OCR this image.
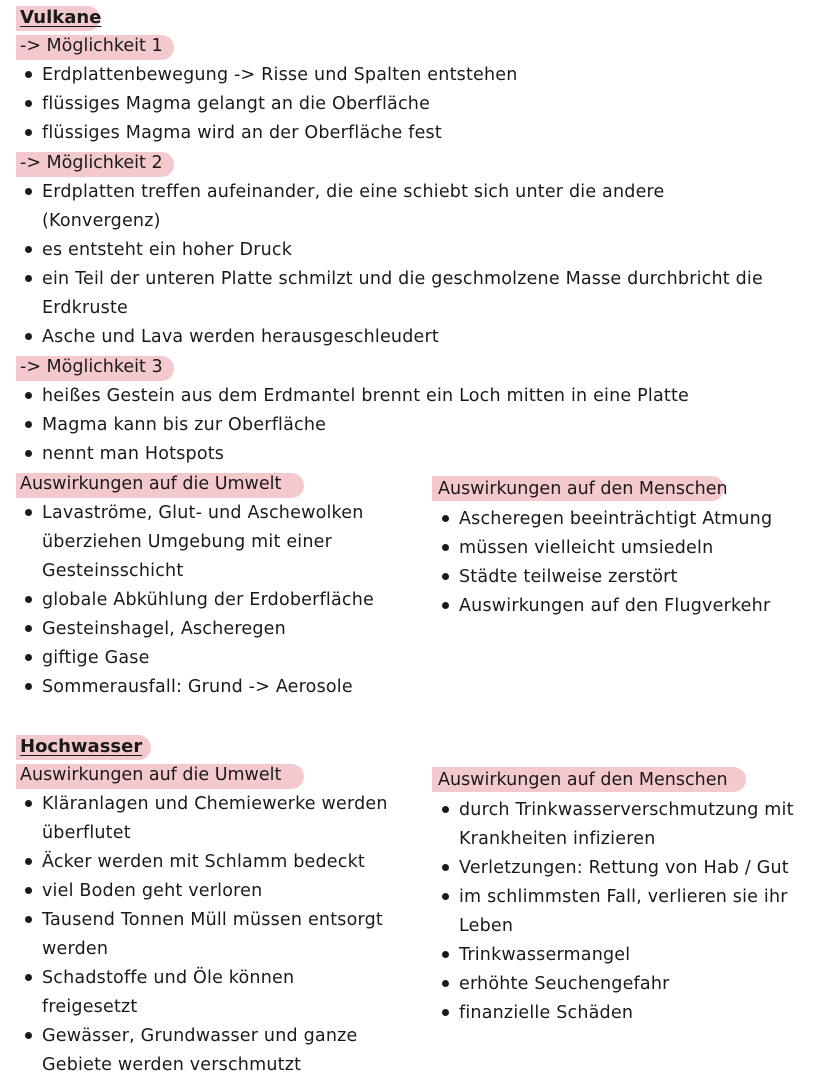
Vulkane
-> Möglichkeit 1
Erdplattenbewegung -> Risse und Spalten entstehen
flüssiges Magma gelangt an die Oberfläche
flüssiges Magma wird an der Oberfläche fest
-> Möglichkeit 2
Erdplatten treffen aufeinander, die eine schiebt sich unter die andere
(Konvergenz)
es entsteht ein hoher Druck
ein Teil der unteren Platte schmilzt und die geschmolzene Masse durchbricht die
Erdkruste
Asche und Lava werden herausgeschleudert
-> Möglichkeit 3
heißes Gestein aus dem Erdmantel brennt ein Loch mitten in eine Platte
Magma kann bis zur Oberfläche
nennt man Hotspots
Auswirkungen auf die Umwelt
Lavaströme, Glut- und Aschewolken
überziehen Umgebung mit einer
Gesteinsschicht
globale Abkühlung der Erdoberfläche
Gesteinshagel, Ascheregen
giftige Gase
Sommerausfall: Grund -> Aerosole
Auswirkungen auf den Menschen
Ascheregen beeinträchtigt Atmung
müssen vielleicht umsiedeln
Städte teilweise zerstört
Auswirkungen auf den Flugverkehr
Hochwasser
Auswirkungen auf die Umwelt
Kläranlagen und Chemiewerke werden
überflutet
Äcker werden mit Schlamm bedeckt
viel Boden geht verloren
Tausend Tonnen Müll müssen entsorgt
werden
Schadstoffe und Öle können
freigesetzt
Gewässer, Grundwasser und ganze
Gebiete werden verschmutzt
Auswirkungen auf den Menschen
durch Trinkwasserverschmutzung mit
Krankheiten infizieren
Verletzungen: Rettung von Hab / Gut
im schlimmsten Fall, verlieren sie ihr
Leben
Trinkwassermangel
erhöhte Seuchengefahr
finanzielle Schäden
